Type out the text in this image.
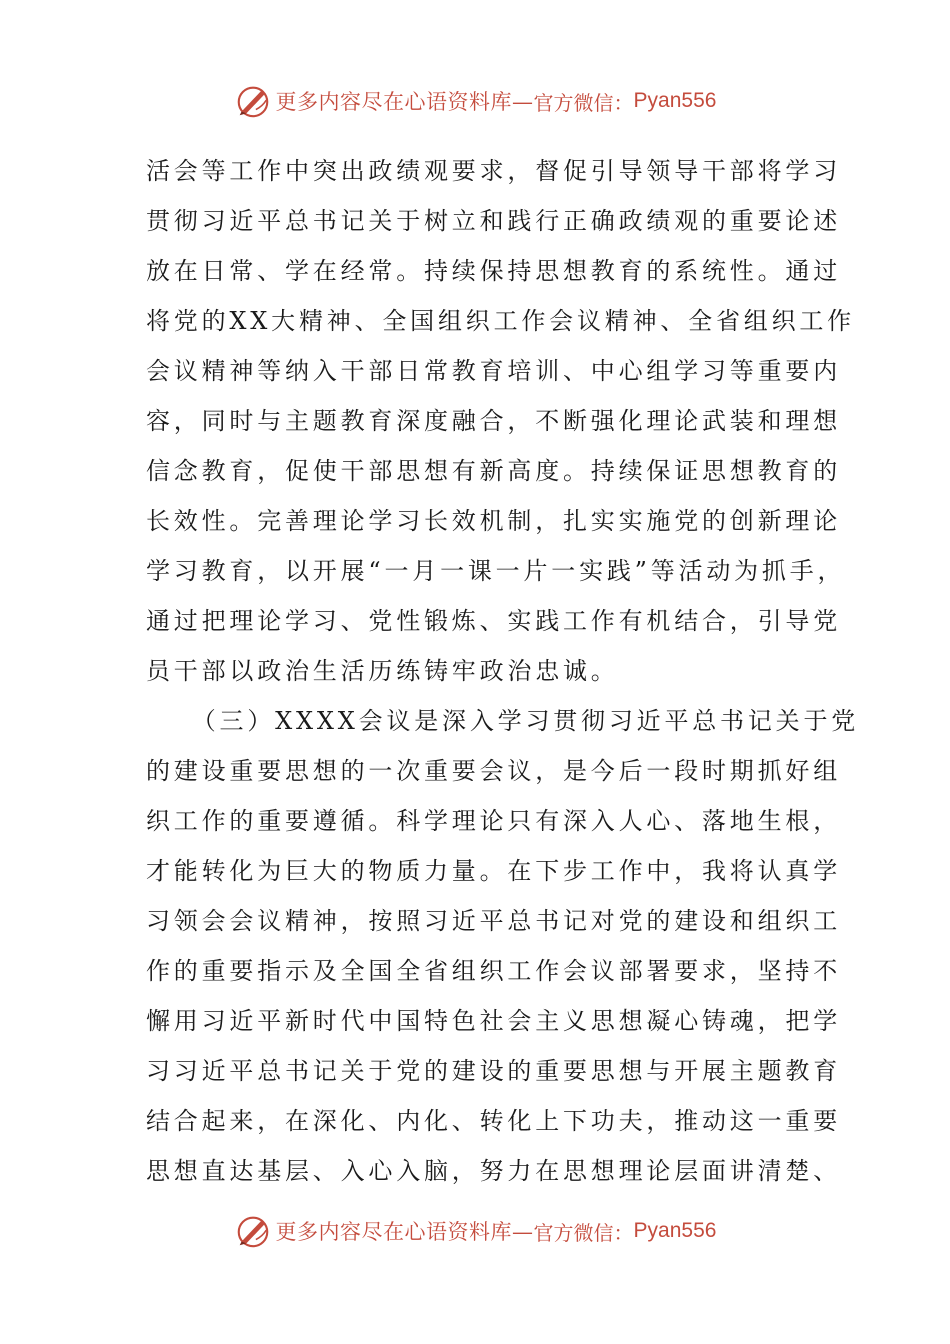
更多内容尽在心语资料库— 官方微信： Pyan556
活会等工作中突出政绩观要求，督促引导领导干部将学习
贯彻习近平总书记关于树立和践行正确政绩观的重要论述
放在日常、学在经常。持续保持思想教育的系统性。通过
将党的XX大精神、全国组织工作会议精神、全省组织工作
会议精神等纳入干部日常教育培训、中心组学习等重要内
容，同时与主题教育深度融合，不断强化理论武装和理想
信念教育，促使干部思想有新高度。持续保证思想教育的
长效性。完善理论学习长效机制，扎实实施党的创新理论
学习教育，以开展“一月一课一片一实践”等活动为抓手，
通过把理论学习、党性锻炼、实践工作有机结合，引导党
员干部以政治生活历练铸牢政治忠诚。
（三）XXXX会议是深入学习贯彻习近平总书记关于党
的建设重要思想的一次重要会议，是今后一段时期抓好组
织工作的重要遵循。科学理论只有深入人心、落地生根，
才能转化为巨大的物质力量。在下步工作中，我将认真学
习领会会议精神，按照习近平总书记对党的建设和组织工
作的重要指示及全国全省组织工作会议部署要求，坚持不
懈用习近平新时代中国特色社会主义思想凝心铸魂，把学
习习近平总书记关于党的建设的重要思想与开展主题教育
结合起来，在深化、内化、转化上下功夫，推动这一重要
思想直达基层、入心入脑，努力在思想理论层面讲清楚、
更多内容尽在心语资料库— 官方微信： Pyan556
